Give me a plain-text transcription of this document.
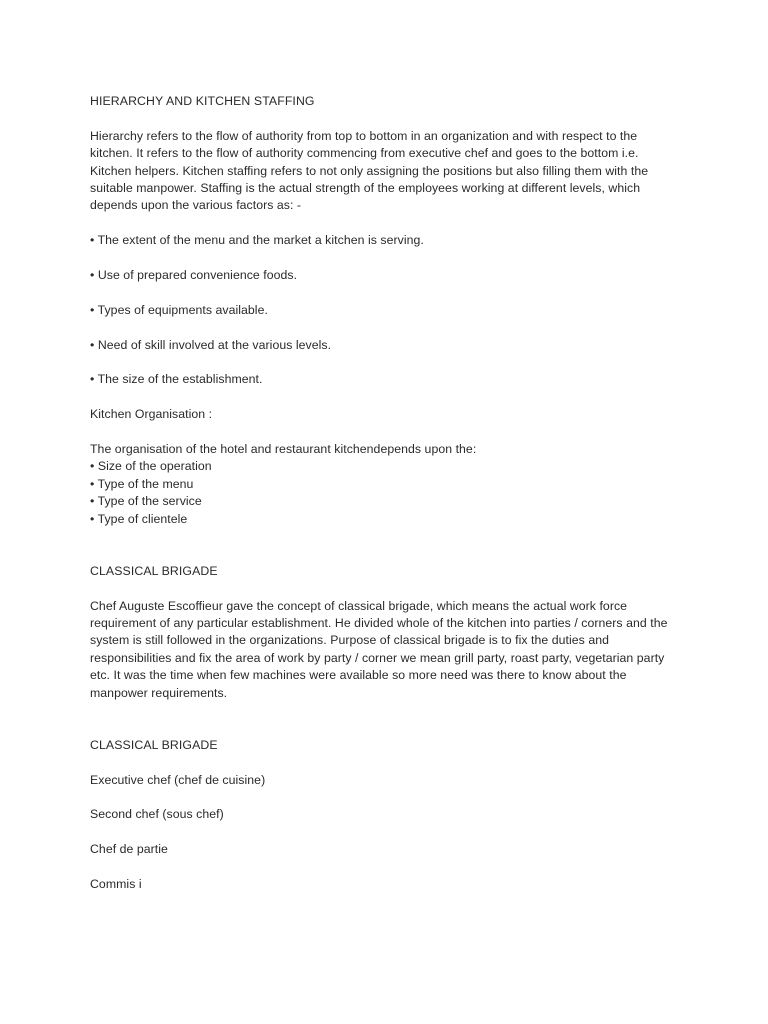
HIERARCHY AND KITCHEN STAFFING

Hierarchy refers to the flow of authority from top to bottom in an organization and with respect to the
kitchen. It refers to the flow of authority commencing from executive chef and goes to the bottom i.e.
Kitchen helpers. Kitchen staffing refers to not only assigning the positions but also filling them with the
suitable manpower. Staffing is the actual strength of the employees working at different levels, which
depends upon the various factors as: -

• The extent of the menu and the market a kitchen is serving.

• Use of prepared convenience foods.

• Types of equipments available.

• Need of skill involved at the various levels.

• The size of the establishment.

Kitchen Organisation :

The organisation of the hotel and restaurant kitchendepends upon the:

• Size of the operation

• Type of the menu

• Type of the service

• Type of clientele

CLASSICAL BRIGADE

Chef Auguste Escoffieur gave the concept of classical brigade, which means the actual work force
requirement of any particular establishment. He divided whole of the kitchen into parties / corners and the
system is still followed in the organizations. Purpose of classical brigade is to fix the duties and
responsibilities and fix the area of work by party / corner we mean grill party, roast party, vegetarian party
etc. It was the time when few machines were available so more need was there to know about the
manpower requirements.

CLASSICAL BRIGADE

Executive chef (chef de cuisine)

Second chef (sous chef)

Chef de partie

Commis i
